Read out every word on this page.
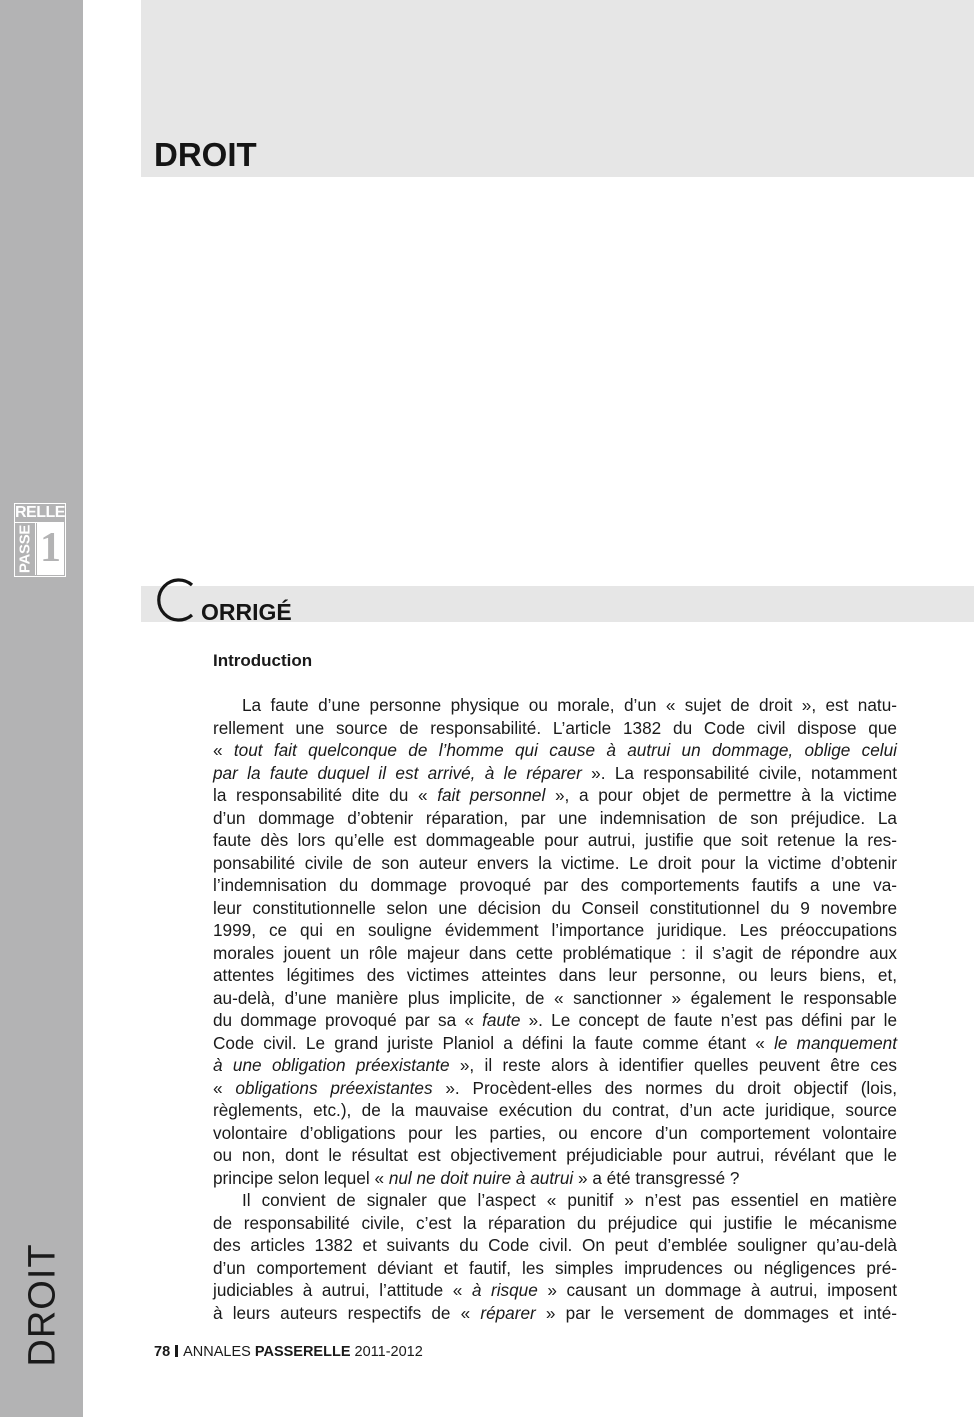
RELLE
PASSE 1
DROIT
DROIT
C
ORRIGÉ
Introduction
La faute d’une personne physique ou morale, d’un « sujet de droit », est natu-
rellement une source de responsabilité. L’article 1382 du Code civil dispose que
« tout fait quelconque de l’homme qui cause à autrui un dommage, oblige celui
par la faute duquel il est arrivé, à le réparer ». La responsabilité civile, notamment
la responsabilité dite du « fait personnel », a pour objet de permettre à la victime
d’un dommage d’obtenir réparation, par une indemnisation de son préjudice. La
faute dès lors qu’elle est dommageable pour autrui, justifie que soit retenue la res-
ponsabilité civile de son auteur envers la victime. Le droit pour la victime d’obtenir
l’indemnisation du dommage provoqué par des comportements fautifs a une va-
leur constitutionnelle selon une décision du Conseil constitutionnel du 9 novembre
1999, ce qui en souligne évidemment l’importance juridique. Les préoccupations
morales jouent un rôle majeur dans cette problématique : il s’agit de répondre aux
attentes légitimes des victimes atteintes dans leur personne, ou leurs biens, et,
au-delà, d’une manière plus implicite, de « sanctionner » également le responsable
du dommage provoqué par sa « faute ». Le concept de faute n’est pas défini par le
Code civil. Le grand juriste Planiol a défini la faute comme étant « le manquement
à une obligation préexistante », il reste alors à identifier quelles peuvent être ces
« obligations préexistantes ». Procèdent-elles des normes du droit objectif (lois,
règlements, etc.), de la mauvaise exécution du contrat, d’un acte juridique, source
volontaire d’obligations pour les parties, ou encore d’un comportement volontaire
ou non, dont le résultat est objectivement préjudiciable pour autrui, révélant que le
principe selon lequel « nul ne doit nuire à autrui » a été transgressé ?
Il convient de signaler que l’aspect « punitif » n’est pas essentiel en matière
de responsabilité civile, c’est la réparation du préjudice qui justifie le mécanisme
des articles 1382 et suivants du Code civil. On peut d’emblée souligner qu’au-delà
d’un comportement déviant et fautif, les simples imprudences ou négligences pré-
judiciables à autrui, l’attitude « à risque » causant un dommage à autrui, imposent
à leurs auteurs respectifs de « réparer » par le versement de dommages et inté-
78 ANNALES PASSERELLE 2011-2012
